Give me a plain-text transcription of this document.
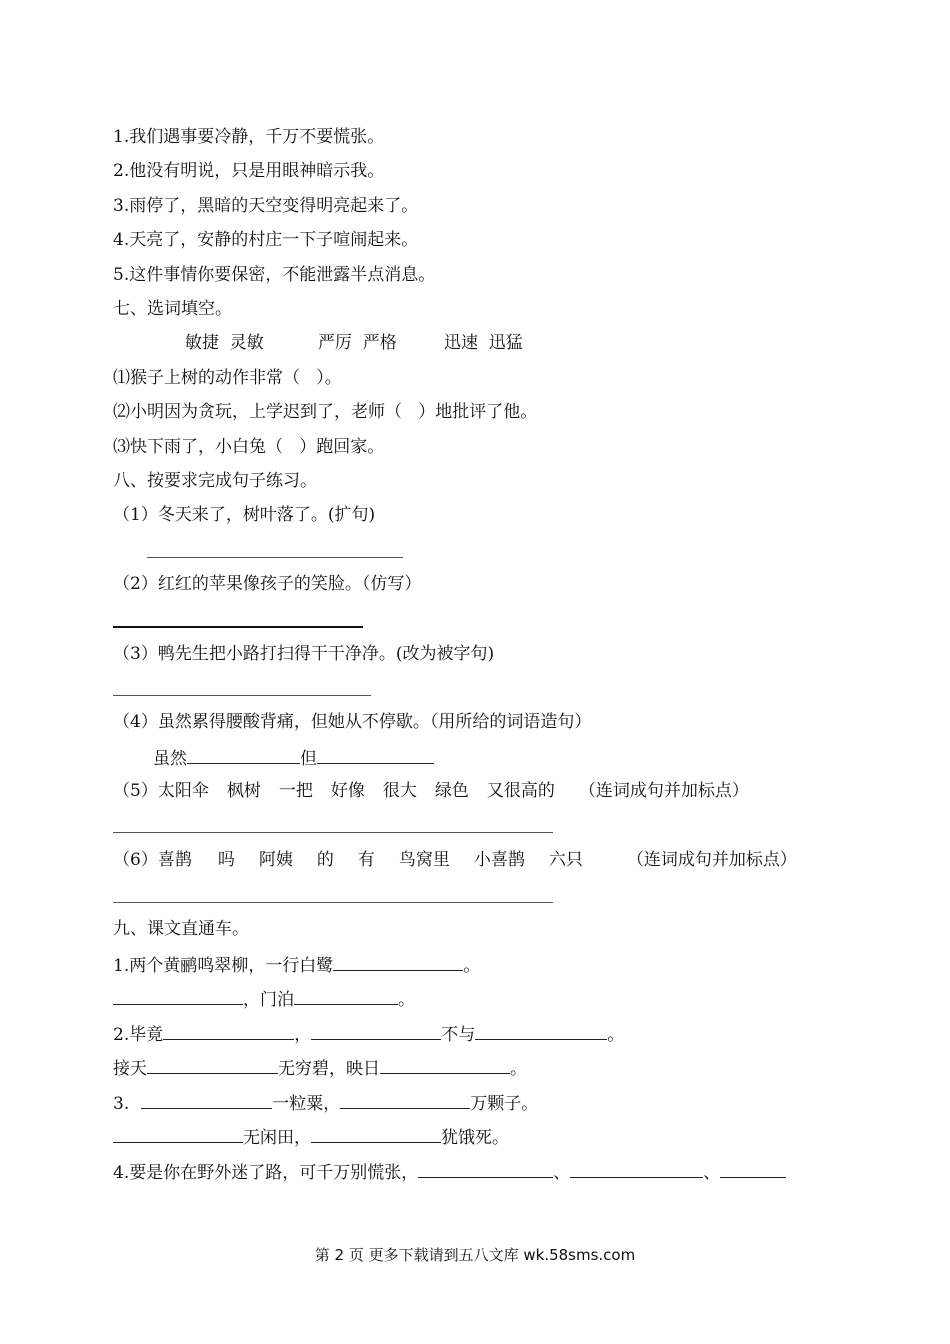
1.我们遇事要冷静，千万不要慌张。
2.他没有明说，只是用眼神暗示我。
3.雨停了，黑暗的天空变得明亮起来了。
4.天亮了，安静的村庄一下子喧闹起来。
5.这件事情你要保密，不能泄露半点消息。
七、选词填空。
敏捷  灵敏	严厉  严格	迅速  迅猛
⑴猴子上树的动作非常（   ）。
⑵小明因为贪玩，上学迟到了，老师（   ）地批评了他。
⑶快下雨了，小白兔（   ）跑回家。
八、按要求完成句子练习。
（1）冬天来了，树叶落了。(扩句)
（2）红红的苹果像孩子的笑脸。（仿写）
（3）鸭先生把小路打扫得干干净净。(改为被字句)
（4）虽然累得腰酸背痛，但她从不停歇。（用所给的词语造句）
虽然	但
（5）太阳伞 枫树 一把 好像 很大 绿色 又很高的 （连词成句并加标点）
（6）喜鹊 吗 阿姨 的 有 鸟窝里 小喜鹊 六只	（连词成句并加标点）
九、课文直通车。
1.两个黄鹂鸣翠柳，一行白鹭	。
，门泊	。
2.毕竟	，	不与	。
接天	无穷碧，映日	。
3.	一粒粟，	万颗子。
无闲田，	犹饿死。
4.要是你在野外迷了路，可千万别慌张，	、	、
第 2 页 更多下载请到五八文库 wk.58sms.com
